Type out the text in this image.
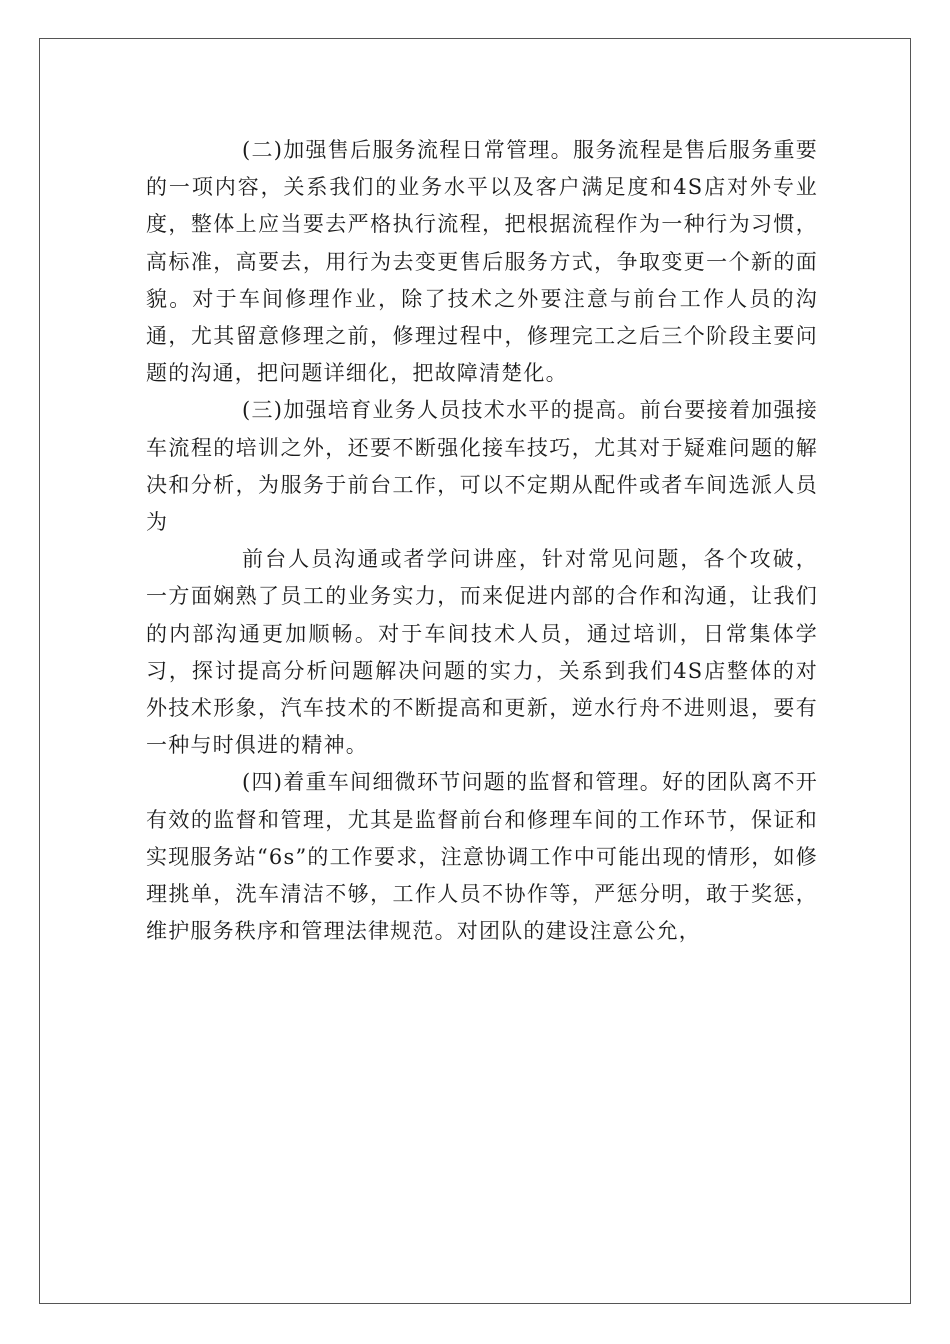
(二)加强售后服务流程日常管理。服务流程是售后服务重要的一项内容，关系我们的业务水平以及客户满足度和4S店对外专业度，整体上应当要去严格执行流程，把根据流程作为一种行为习惯，高标准，高要去，用行为去变更售后服务方式，争取变更一个新的面貌。对于车间修理作业，除了技术之外要注意与前台工作人员的沟通，尤其留意修理之前，修理过程中，修理完工之后三个阶段主要问题的沟通，把问题详细化，把故障清楚化。

(三)加强培育业务人员技术水平的提高。前台要接着加强接车流程的培训之外，还要不断强化接车技巧，尤其对于疑难问题的解决和分析，为服务于前台工作，可以不定期从配件或者车间选派人员为

前台人员沟通或者学问讲座，针对常见问题，各个攻破，一方面娴熟了员工的业务实力，而来促进内部的合作和沟通，让我们的内部沟通更加顺畅。对于车间技术人员，通过培训，日常集体学习，探讨提高分析问题解决问题的实力，关系到我们4S店整体的对外技术形象，汽车技术的不断提高和更新，逆水行舟不进则退，要有一种与时俱进的精神。

(四)着重车间细微环节问题的监督和管理。好的团队离不开有效的监督和管理，尤其是监督前台和修理车间的工作环节，保证和实现服务站“6s”的工作要求，注意协调工作中可能出现的情形，如修理挑单，洗车清洁不够，工作人员不协作等，严惩分明，敢于奖惩，维护服务秩序和管理法律规范。对团队的建设注意公允，
